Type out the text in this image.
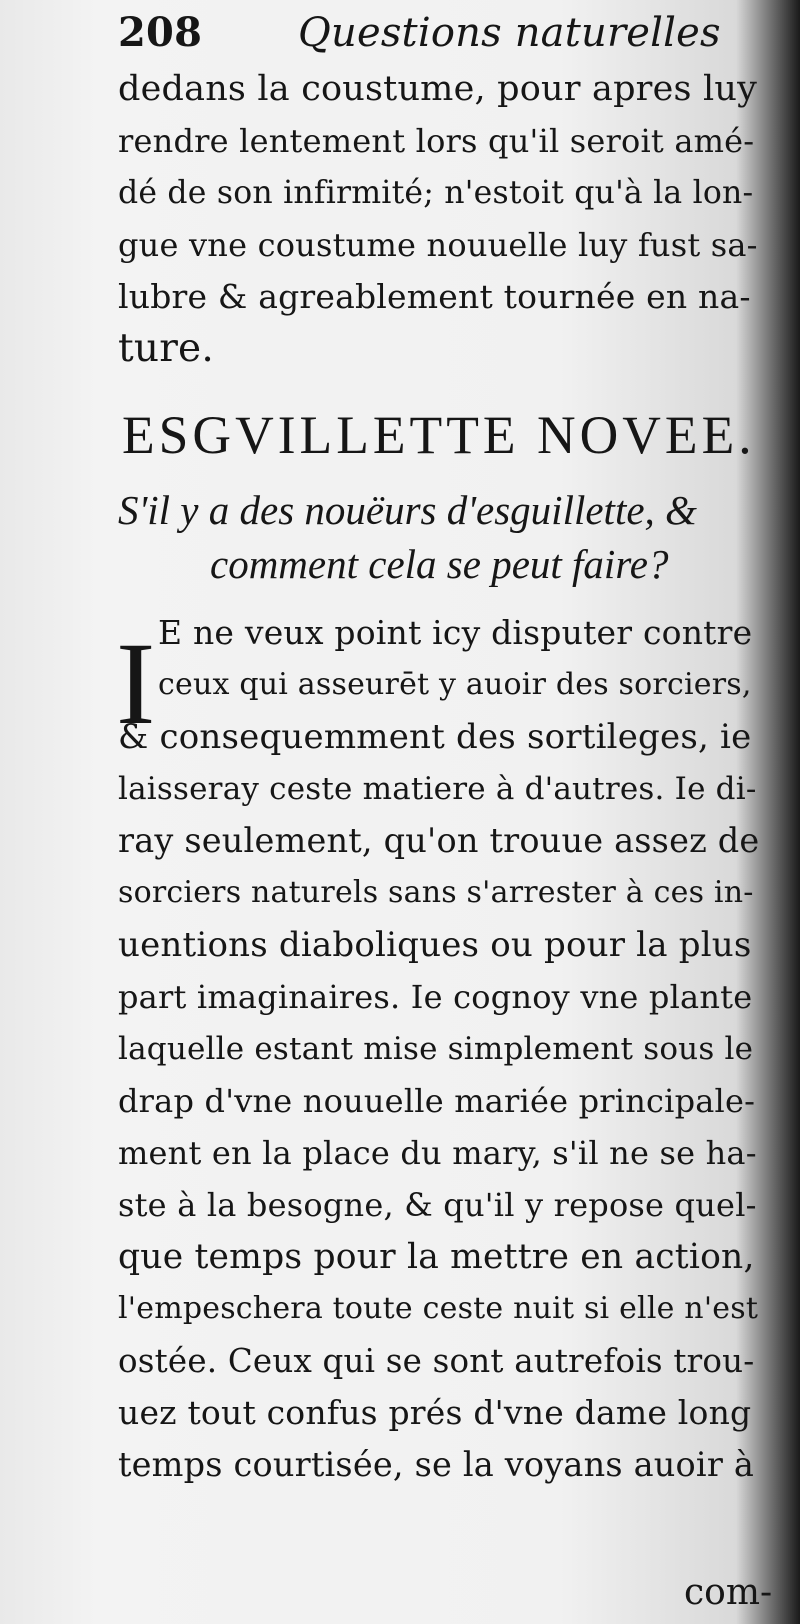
208 Questions naturelles
dedans la coustume, pour apres luy
rendre lentement lors qu'il seroit amé-
dé de son infirmité; n'estoit qu'à la lon-
gue vne coustume nouuelle luy fust sa-
lubre & agreablement tournée en na-
ture.
ESGVILLETTE NOVEE.
S'il y a des nouëurs d'esguillette, &
comment cela se peut faire?
I E ne veux point icy disputer contre
ceux qui asseurēt y auoir des sorciers,
& consequemment des sortileges, ie
laisseray ceste matiere à d'autres. Ie di-
ray seulement, qu'on trouue assez de
sorciers naturels sans s'arrester à ces in-
uentions diaboliques ou pour la plus
part imaginaires. Ie cognoy vne plante
laquelle estant mise simplement sous le
drap d'vne nouuelle mariée principale-
ment en la place du mary, s'il ne se ha-
ste à la besogne, & qu'il y repose quel-
que temps pour la mettre en action,
l'empeschera toute ceste nuit si elle n'est
ostée. Ceux qui se sont autrefois trou-
uez tout confus prés d'vne dame long
temps courtisée, se la voyans auoir à
com-
